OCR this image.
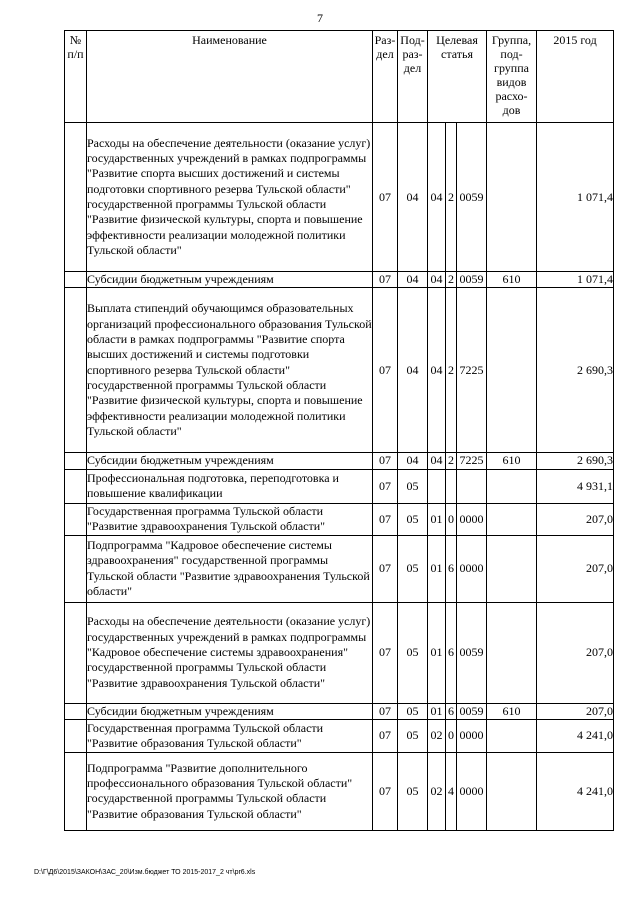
7
№ п/п	Наименование	Раз-дел	Под-раз-дел	Целевая статья			Группа, под-группа видов расхо-дов	2015 год
	Расходы на обеспечение деятельности (оказание услуг) государственных учреждений в рамках подпрограммы "Развитие спорта высших достижений и системы подготовки спортивного резерва Тульской области" государственной программы Тульской области "Развитие физической культуры, спорта и повышение эффективности реализации молодежной политики Тульской области"	07	04	04	2	0059		1 071,4
	Субсидии бюджетным учреждениям	07	04	04	2	0059	610	1 071,4
	Выплата стипендий обучающимся образовательных организаций профессионального образования Тульской области в рамках подпрограммы "Развитие спорта высших достижений и системы подготовки спортивного резерва Тульской области" государственной программы Тульской области "Развитие физической культуры, спорта и повышение эффективности реализации молодежной политики Тульской области"	07	04	04	2	7225		2 690,3
	Субсидии бюджетным учреждениям	07	04	04	2	7225	610	2 690,3
	Профессиональная подготовка, переподготовка и повышение квалификации	07	05					4 931,1
	Государственная программа Тульской области "Развитие здравоохранения Тульской области"	07	05	01	0	0000		207,0
	Подпрограмма "Кадровое обеспечение системы здравоохранения" государственной программы Тульской области "Развитие здравоохранения Тульской области"	07	05	01	6	0000		207,0
	Расходы на обеспечение деятельности (оказание услуг) государственных учреждений в рамках подпрограммы "Кадровое обеспечение системы здравоохранения" государственной программы Тульской области "Развитие здравоохранения Тульской области"	07	05	01	6	0059		207,0
	Субсидии бюджетным учреждениям	07	05	01	6	0059	610	207,0
	Государственная программа Тульской области "Развитие образования Тульской области"	07	05	02	0	0000		4 241,0
	Подпрограмма "Развитие дополнительного профессионального образования Тульской области" государственной программы Тульской области "Развитие образования Тульской области"	07	05	02	4	0000		4 241,0
D:\Г\Д6\2015\ЗАКОН\ЗАС_20\Изм.бюджет ТО 2015-2017_2 чт\pr6.xls
